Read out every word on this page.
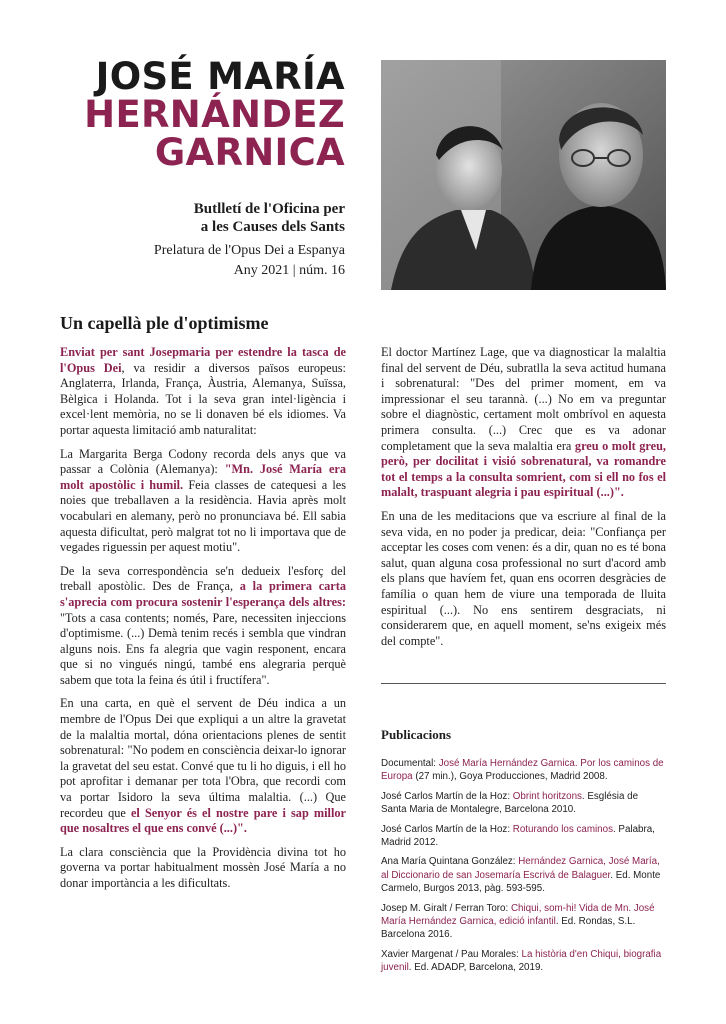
JOSÉ MARÍA
HERNÁNDEZ
GARNICA
Butlletí de l'Oficina per
a les Causes dels Sants
Prelatura de l'Opus Dei a Espanya
Any 2021 | núm. 16
Un capellà ple d'optimisme

Enviat per sant Josepmaria per estendre la tasca de l'Opus Dei, va residir a diversos països europeus: Anglaterra, Irlanda, França, Àustria, Alemanya, Suïssa, Bèlgica i Holanda. Tot i la seva gran intel·ligència i excel·lent memòria, no se li donaven bé els idiomes. Va portar aquesta limitació amb naturalitat:

La Margarita Berga Codony recorda dels anys que va passar a Colònia (Alemanya): "Mn. José María era molt apostòlic i humil. Feia classes de catequesi a les noies que treballaven a la residència. Havia après molt vocabulari en alemany, però no pronunciava bé. Ell sabia aquesta dificultat, però malgrat tot no li importava que de vegades riguessin per aquest motiu".

De la seva correspondència se'n dedueix l'esforç del treball apostòlic. Des de França, a la primera carta s'aprecia com procura sostenir l'esperança dels altres: "Tots a casa contents; només, Pare, necessiten injeccions d'optimisme. (...) Demà tenim recés i sembla que vindran alguns nois. Ens fa alegria que vagin responent, encara que si no vingués ningú, també ens alegraria perquè sabem que tota la feina és útil i fructífera".

En una carta, en què el servent de Déu indica a un membre de l'Opus Dei que expliqui a un altre la gravetat de la malaltia mortal, dóna orientacions plenes de sentit sobrenatural: "No podem en consciència deixar-lo ignorar la gravetat del seu estat. Convé que tu li ho diguis, i ell ho pot aprofitar i demanar per tota l'Obra, que recordi com va portar Isidoro la seva última malaltia. (...) Que recordeu que el Senyor és el nostre pare i sap millor que nosaltres el que ens convé (...)".

La clara consciència que la Providència divina tot ho governa va portar habitualment mossèn José María a no donar importància a les dificultats.

El doctor Martínez Lage, que va diagnosticar la malaltia final del servent de Déu, subratlla la seva actitud humana i sobrenatural: "Des del primer moment, em va impressionar el seu tarannà. (...) No em va preguntar sobre el diagnòstic, certament molt ombrívol en aquesta primera consulta. (...) Crec que es va adonar completament que la seva malaltia era greu o molt greu, però, per docilitat i visió sobrenatural, va romandre tot el temps a la consulta somrient, com si ell no fos el malalt, traspuant alegria i pau espiritual (...)".

En una de les meditacions que va escriure al final de la seva vida, en no poder ja predicar, deia: "Confiança per acceptar les coses com venen: és a dir, quan no es té bona salut, quan alguna cosa professional no surt d'acord amb els plans que havíem fet, quan ens ocorren desgràcies de família o quan hem de viure una temporada de lluita espiritual (...). No ens sentirem desgraciats, ni considerarem que, en aquell moment, se'ns exigeix més del compte".

Publicacions
Documental: José María Hernández Garnica. Por los caminos de Europa (27 min.), Goya Producciones, Madrid 2008.
José Carlos Martín de la Hoz: Obrint horitzons. Església de Santa Maria de Montalegre, Barcelona 2010.
José Carlos Martín de la Hoz: Roturando los caminos. Palabra, Madrid 2012.
Ana María Quintana González: Hernández Garnica, José María, al Diccionario de san Josemaría Escrivá de Balaguer. Ed. Monte Carmelo, Burgos 2013, pàg. 593-595.
Josep M. Giralt / Ferran Toro: Chiqui, som-hi! Vida de Mn. José María Hernández Garnica, edició infantil. Ed. Rondas, S.L. Barcelona 2016.
Xavier Margenat / Pau Morales: La història d'en Chiqui, biografia juvenil. Ed. ADADP, Barcelona, 2019.
